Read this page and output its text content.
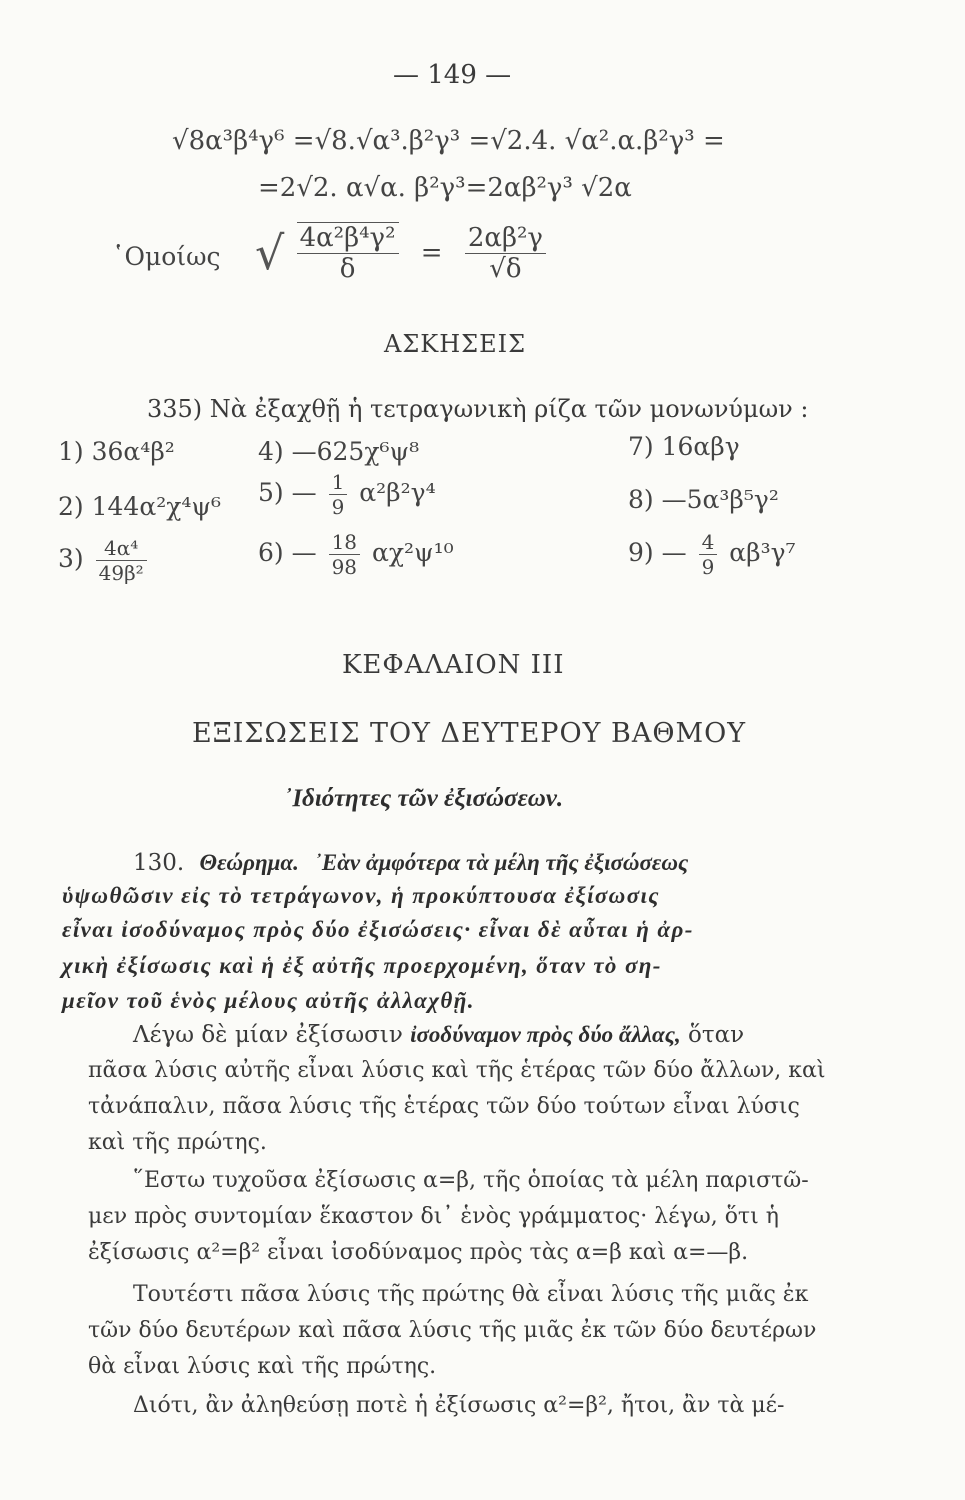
— 149 —
√8α³β⁴γ⁶ =√8.√α³.β²γ³ =√2.4. √α².α.β²γ³ =
=2√2. α√α. β²γ³=2αβ²γ³ √2α
῾Ομοίως √ $\frac{\text{4α²β⁴γ²}}{\delta} = \frac{\text{2αβ²γ}}{√\delta}$
ΑΣΚΗΣΕΙΣ
335) Νὰ ἐξαχθῇ ἡ τετραγωνικὴ ρίζα τῶν μονωνύμων :
1) 36α⁴β²	4) —625χ⁶ψ⁸	7) 16αβγ
2) 144α²χ⁴ψ⁶ 5) — $\frac{1}{9} \alpha^2\beta^2\gamma^4$	8) —5α³β⁵γ²
$3) \frac{\text{4α⁴}}{\text{49β²}}$	6) — $\frac{18}{98} \alpha\chi^2\psi^{10}$	9) — $\frac{4}{9} \alpha\beta^3\gamma^7$
ΚΕΦΑΛΑΙΟΝ III
ΕΞΙΣΩΣΕΙΣ ΤΟΥ ΔΕΥΤΕΡΟΥ ΒΑΘΜΟΥ
᾿Ιδιότητες τῶν ἐξισώσεων.
130. Θεώρημα. ᾿Εὰν ἀμφότερα τὰ μέλη τῆς ἐξισώσεως
ὑψωθῶσιν εἰς τὸ τετράγωνον, ἡ προκύπτουσα ἐξίσωσις
εἶναι ἰσοδύναμος πρὸς δύο ἐξισώσεις· εἶναι δὲ αὗται ἡ ἀρ-
χικὴ ἐξίσωσις καὶ ἡ ἐξ αὐτῆς προερχομένη, ὅταν τὸ ση-
μεῖον τοῦ ἑνὸς μέλους αὐτῆς ἀλλαχθῇ.
Λέγω δὲ μίαν ἐξίσωσιν ἰσοδύναμον πρὸς δύο ἄλλας, ὅταν
πᾶσα λύσις αὐτῆς εἶναι λύσις καὶ τῆς ἑτέρας τῶν δύο ἄλλων, καὶ
τἀνάπαλιν, πᾶσα λύσις τῆς ἑτέρας τῶν δύο τούτων εἶναι λύσις
καὶ τῆς πρώτης.
῞Εστω τυχοῦσα ἐξίσωσις α=β, τῆς ὁποίας τὰ μέλη παριστῶ-
μεν πρὸς συντομίαν ἕκαστον δι᾿ ἑνὸς γράμματος· λέγω, ὅτι ἡ
ἐξίσωσις α²=β² εἶναι ἰσοδύναμος πρὸς τὰς α=β καὶ α=—β.
Τουτέστι πᾶσα λύσις τῆς πρώτης θὰ εἶναι λύσις τῆς μιᾶς ἐκ
τῶν δύο δευτέρων καὶ πᾶσα λύσις τῆς μιᾶς ἐκ τῶν δύο δευτέρων
θὰ εἶναι λύσις καὶ τῆς πρώτης.
Διότι, ἂν ἀληθεύσῃ ποτὲ ἡ ἐξίσωσις α²=β², ἤτοι, ἂν τὰ μέ-
